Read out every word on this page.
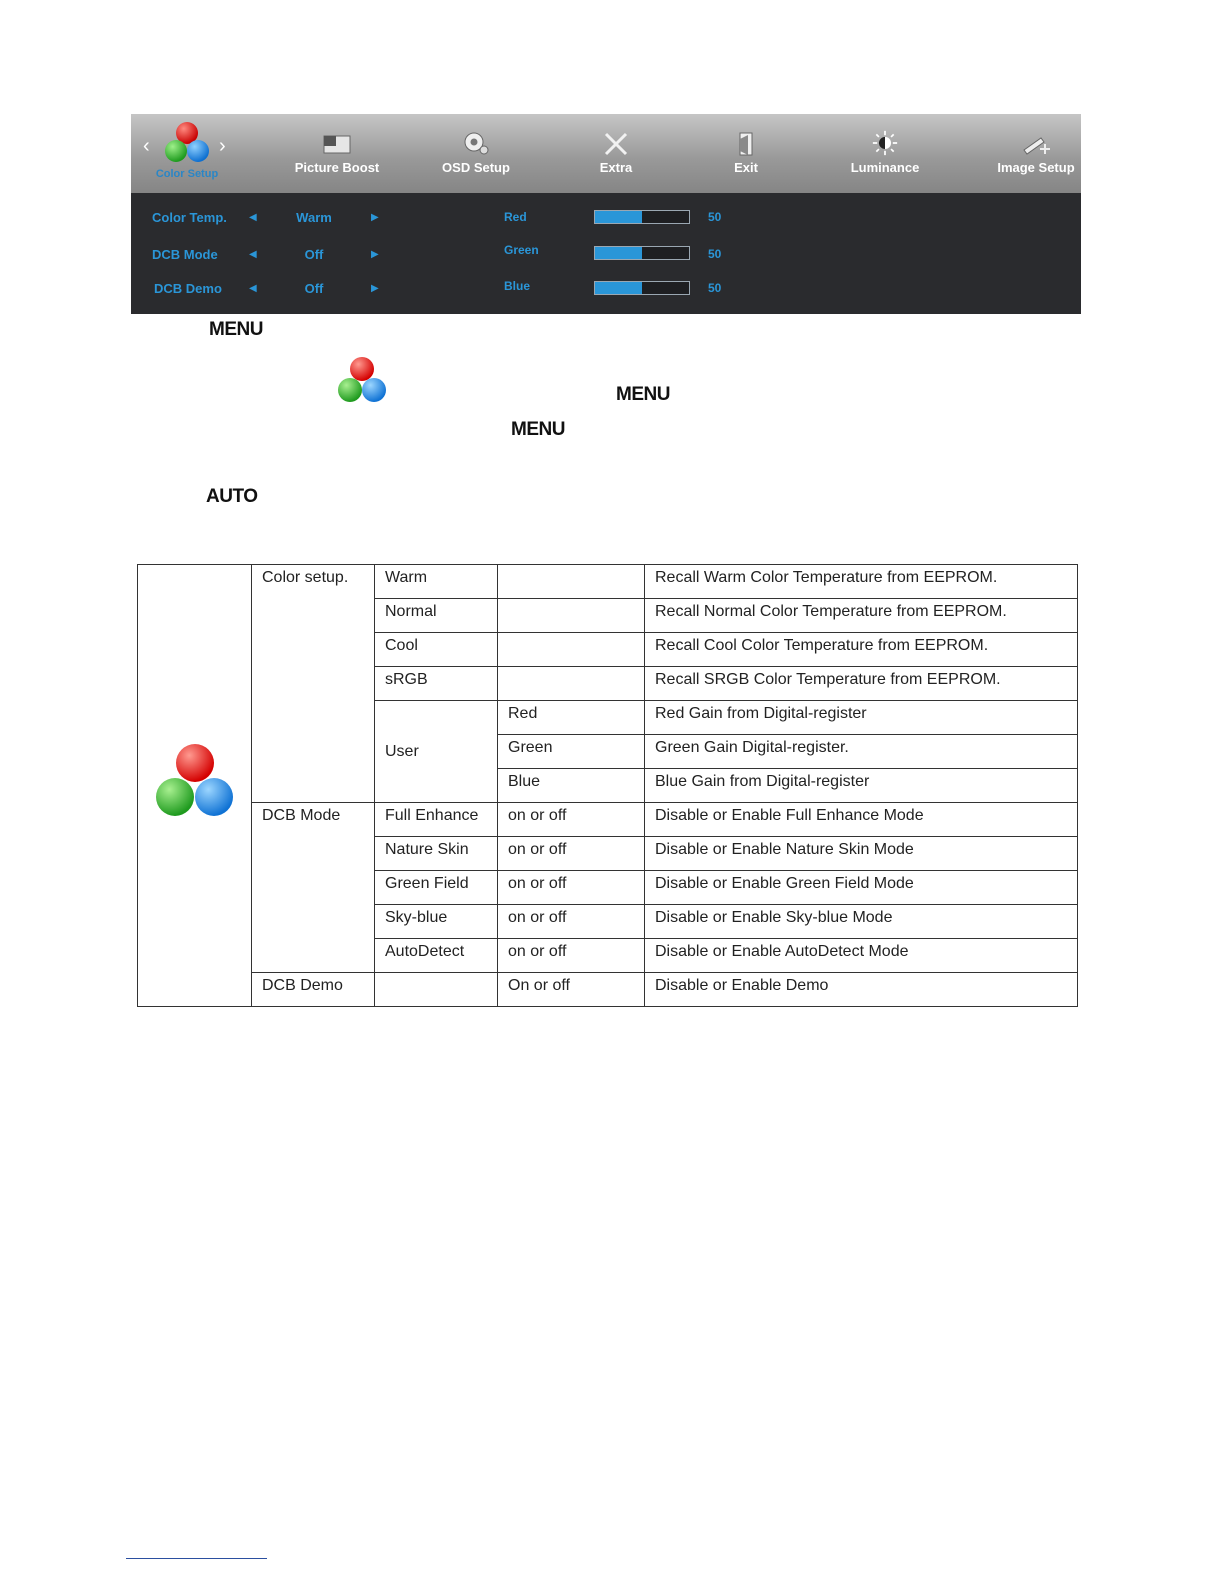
‹
Color Setup
›
Picture Boost	OSD Setup	Extra	Exit	Luminance	Image Setup
Color Temp. ◀	Warm	▶	Red	50
DCB Mode	◀	Off	▶	Green	50
DCB Demo	◀	Off	▶	Blue	50
MENU
MENU
MENU
AUTO
	Color setup.	Warm		Recall Warm Color Temperature from EEPROM.
		Normal		Recall Normal Color Temperature from EEPROM.
		Cool		Recall Cool Color Temperature from EEPROM.
		sRGB		Recall SRGB Color Temperature from EEPROM.
		User	Red	Red Gain from Digital-register
			Green	Green Gain Digital-register.
			Blue	Blue Gain from Digital-register
	DCB Mode	Full Enhance	on or off	Disable or Enable Full Enhance Mode
		Nature Skin	on or off	Disable or Enable Nature Skin Mode
		Green Field	on or off	Disable or Enable Green Field Mode
		Sky-blue	on or off	Disable or Enable Sky-blue Mode
		AutoDetect	on or off	Disable or Enable AutoDetect Mode
	DCB Demo		On or off	Disable or Enable Demo
